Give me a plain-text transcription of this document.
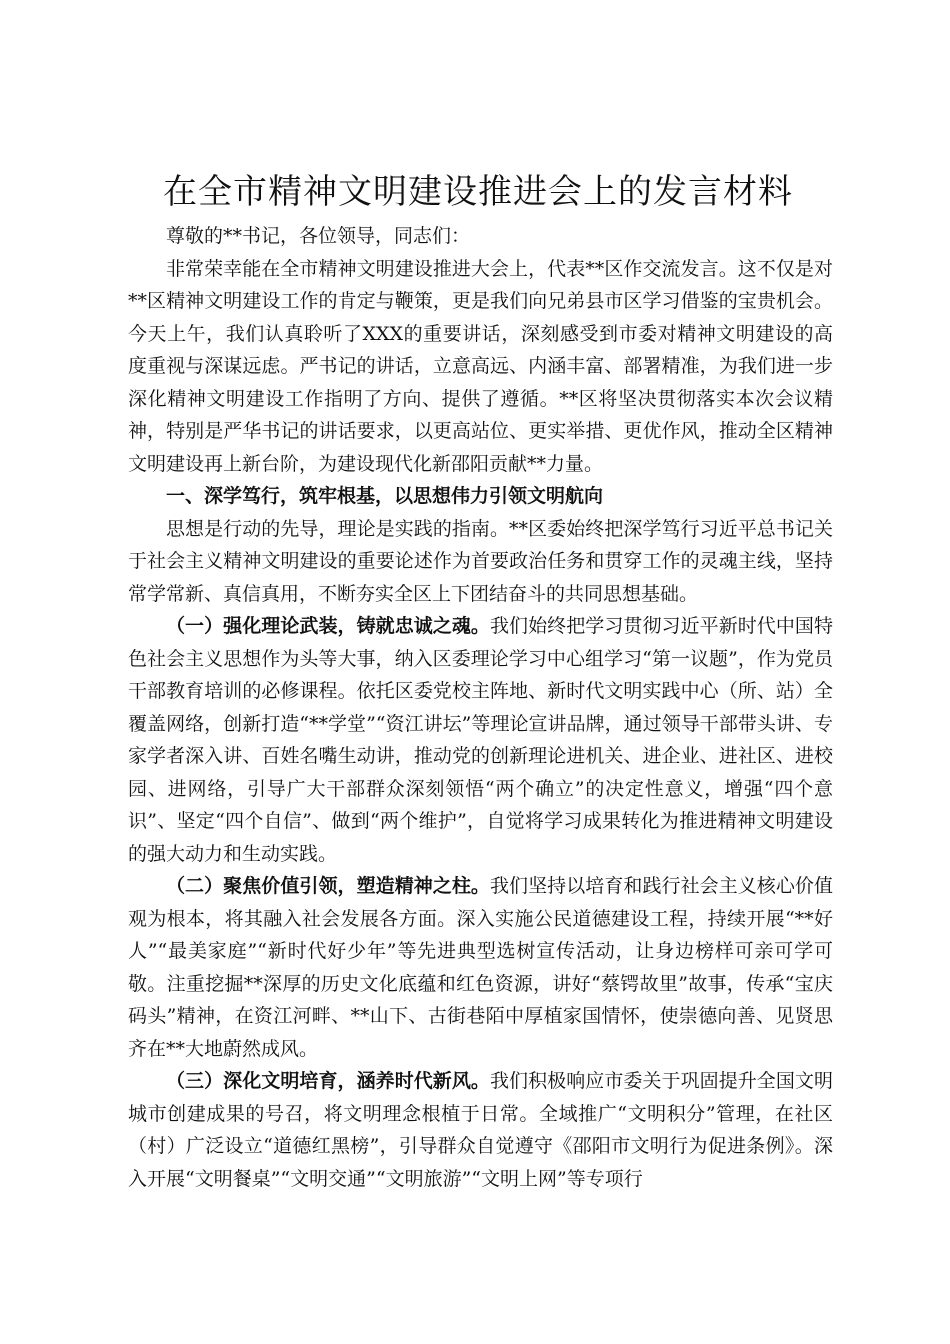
在全市精神文明建设推进会上的发言材料

尊敬的**书记，各位领导，同志们：

非常荣幸能在全市精神文明建设推进大会上，代表**区作交流发言。这不仅是对**区精神文明建设工作的肯定与鞭策，更是我们向兄弟县市区学习借鉴的宝贵机会。今天上午，我们认真聆听了XXX的重要讲话，深刻感受到市委对精神文明建设的高度重视与深谋远虑。严书记的讲话，立意高远、内涵丰富、部署精准，为我们进一步深化精神文明建设工作指明了方向、提供了遵循。**区将坚决贯彻落实本次会议精神，特别是严华书记的讲话要求，以更高站位、更实举措、更优作风，推动全区精神文明建设再上新台阶，为建设现代化新邵阳贡献**力量。

一、深学笃行，筑牢根基，以思想伟力引领文明航向

思想是行动的先导，理论是实践的指南。**区委始终把深学笃行习近平总书记关于社会主义精神文明建设的重要论述作为首要政治任务和贯穿工作的灵魂主线，坚持常学常新、真信真用，不断夯实全区上下团结奋斗的共同思想基础。

（一）强化理论武装，铸就忠诚之魂。我们始终把学习贯彻习近平新时代中国特色社会主义思想作为头等大事，纳入区委理论学习中心组学习“第一议题”，作为党员干部教育培训的必修课程。依托区委党校主阵地、新时代文明实践中心（所、站）全覆盖网络，创新打造“**学堂”“资江讲坛”等理论宣讲品牌，通过领导干部带头讲、专家学者深入讲、百姓名嘴生动讲，推动党的创新理论进机关、进企业、进社区、进校园、进网络，引导广大干部群众深刻领悟“两个确立”的决定性意义，增强“四个意识”、坚定“四个自信”、做到“两个维护”，自觉将学习成果转化为推进精神文明建设的强大动力和生动实践。

（二）聚焦价值引领，塑造精神之柱。我们坚持以培育和践行社会主义核心价值观为根本，将其融入社会发展各方面。深入实施公民道德建设工程，持续开展“**好人”“最美家庭”“新时代好少年”等先进典型选树宣传活动，让身边榜样可亲可学可敬。注重挖掘**深厚的历史文化底蕴和红色资源，讲好“蔡锷故里”故事，传承“宝庆码头”精神，在资江河畔、**山下、古街巷陌中厚植家国情怀，使崇德向善、见贤思齐在**大地蔚然成风。

（三）深化文明培育，涵养时代新风。我们积极响应市委关于巩固提升全国文明城市创建成果的号召，将文明理念根植于日常。全域推广“文明积分”管理，在社区（村）广泛设立“道德红黑榜”，引导群众自觉遵守《邵阳市文明行为促进条例》。深入开展“文明餐桌”“文明交通”“文明旅游”“文明上网”等专项行
